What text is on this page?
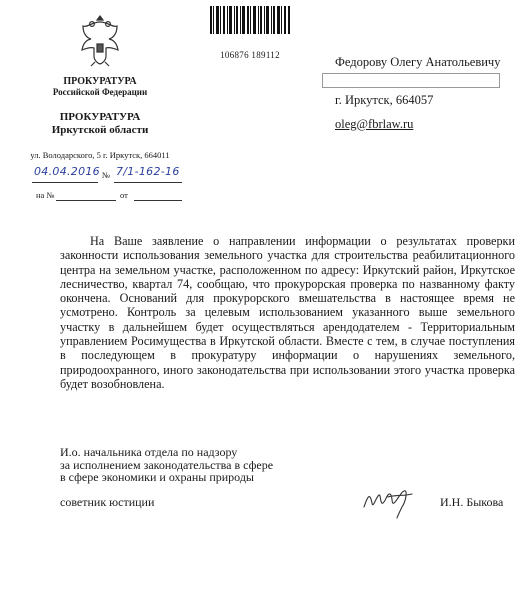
106876 189112
ПРОКУРАТУРА
Российской Федерации
ПРОКУРАТУРА
Иркутской области
ул. Володарского, 5 г. Иркутск, 664011
04.04.2016 № 7/1-162-16
на №	от
Федорову Олегу Анатольевичу
г. Иркутск, 664057
oleg@fbrlaw.ru
На Ваше заявление о направлении информации о результатах проверки законности использования земельного участка для строительства реабилитационного центра на земельном участке, расположенном по адресу: Иркутский район, Иркутское лесничество, квартал 74, сообщаю, что прокурорская проверка по названному факту окончена. Оснований для прокурорского вмешательства в настоящее время не усмотрено. Контроль за целевым использованием указанного выше земельного участку в дальнейшем будет осуществляться арендодателем - Территориальным управлением Росимущества в Иркутской области. Вместе с тем, в случае поступления в последующем в прокуратуру информации о нарушениях земельного, природоохранного, иного законодательства при использовании этого участка проверка будет возобновлена.
И.о. начальника отдела по надзору
за исполнением законодательства в сфере
в сфере экономики и охраны природы
советник юстиции	И.Н. Быкова
